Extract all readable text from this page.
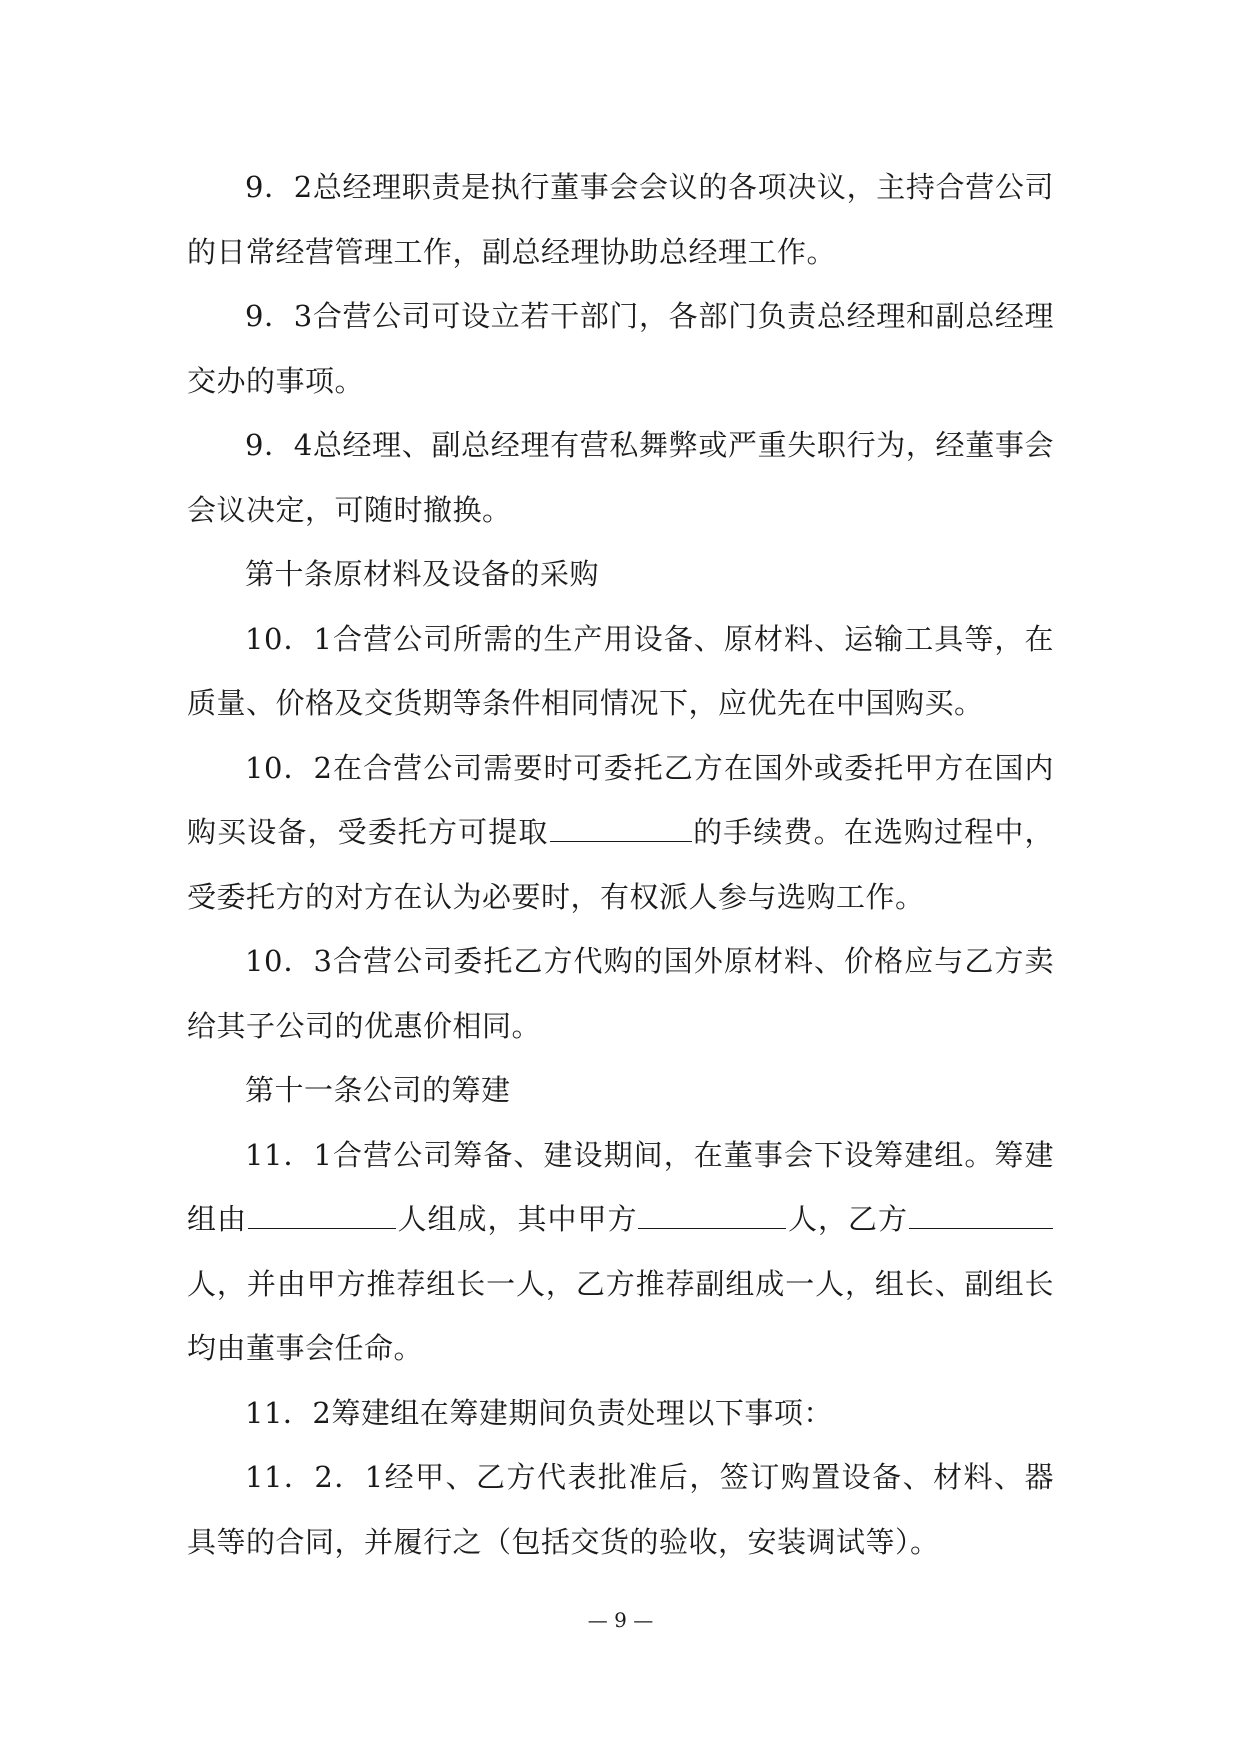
9．2总经理职责是执行董事会会议的各项决议，主持合营公司的日常经营管理工作，副总经理协助总经理工作。

9．3合营公司可设立若干部门，各部门负责总经理和副总经理交办的事项。

9．4总经理、副总经理有营私舞弊或严重失职行为，经董事会会议决定，可随时撤换。

第十条原材料及设备的采购

10．1合营公司所需的生产用设备、原材料、运输工具等，在质量、价格及交货期等条件相同情况下，应优先在中国购买。

10．2在合营公司需要时可委托乙方在国外或委托甲方在国内购买设备，受委托方可提取	的手续费。在选购过程中，受委托方的对方在认为必要时，有权派人参与选购工作。

10．3合营公司委托乙方代购的国外原材料、价格应与乙方卖给其子公司的优惠价相同。

第十一条公司的筹建

11．1合营公司筹备、建设期间，在董事会下设筹建组。筹建组由	人组成，其中甲方	人，乙方人，并由甲方推荐组长一人，乙方推荐副组成一人，组长、副组长均由董事会任命。

11．2筹建组在筹建期间负责处理以下事项：

11．2．1经甲、乙方代表批准后，签订购置设备、材料、器具等的合同，并履行之（包括交货的验收，安装调试等）。

— 9 —
